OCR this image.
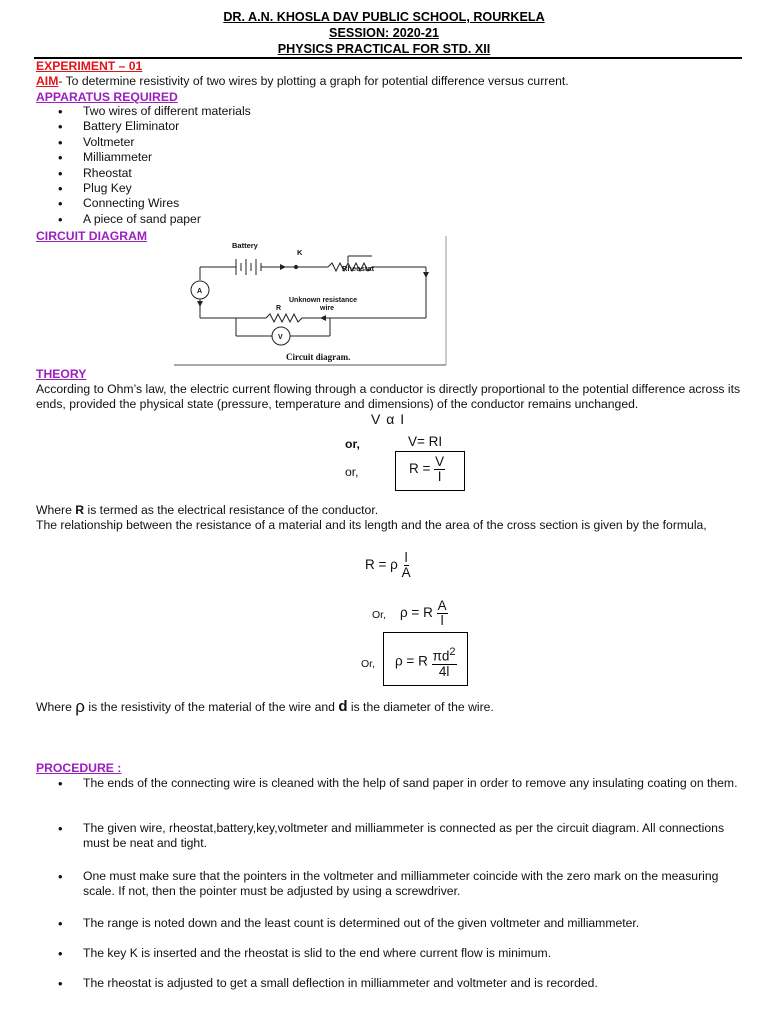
DR. A.N. KHOSLA DAV PUBLIC SCHOOL, ROURKELA
SESSION: 2020-21
PHYSICS PRACTICAL FOR STD. XII
EXPERIMENT – 01
AIM- To determine resistivity of two wires by plotting a graph for potential difference versus current.
APPARATUS REQUIRED
• Two wires of different materials
• Battery Eliminator
• Voltmeter
• Milliammeter
• Rheostat
• Plug Key
• Connecting Wires
• A piece of sand paper
CIRCUIT DIAGRAM
Battery
K
Rheostat
A
Unknown resistance
wire
R
V
Circuit diagram.
THEORY
According to Ohm’s law, the electric current flowing through a conductor is directly proportional to the potential difference across its ends, provided the physical state (pressure, temperature and dimensions) of the conductor remains unchanged.
V α I
or,	V= RI
or,	$R = \frac{V}{I}$
Where R is termed as the electrical resistance of the conductor.
The relationship between the resistance of a material and its length and the area of the cross section is given by the formula,
R = ρ $\frac{l}{A}$
Or, ρ = R $\frac{A}{l}$
Or, ρ = R $\frac{\pi d^2}{4l}$
Where ρ is the resistivity of the material of the wire and d is the diameter of the wire.
PROCEDURE :
• The ends of the connecting wire is cleaned with the help of sand paper in order to remove any insulating coating on them.
• The given wire, rheostat,battery,key,voltmeter and milliammeter is connected as per the circuit diagram. All connections must be neat and tight.
• One must make sure that the pointers in the voltmeter and milliammeter coincide with the zero mark on the measuring scale. If not, then the pointer must be adjusted by using a screwdriver.
• The range is noted down and the least count is determined out of the given voltmeter and milliammeter.
• The key K is inserted and the rheostat is slid to the end where current flow is minimum.
• The rheostat is adjusted to get a small deflection in milliammeter and voltmeter and is recorded.
